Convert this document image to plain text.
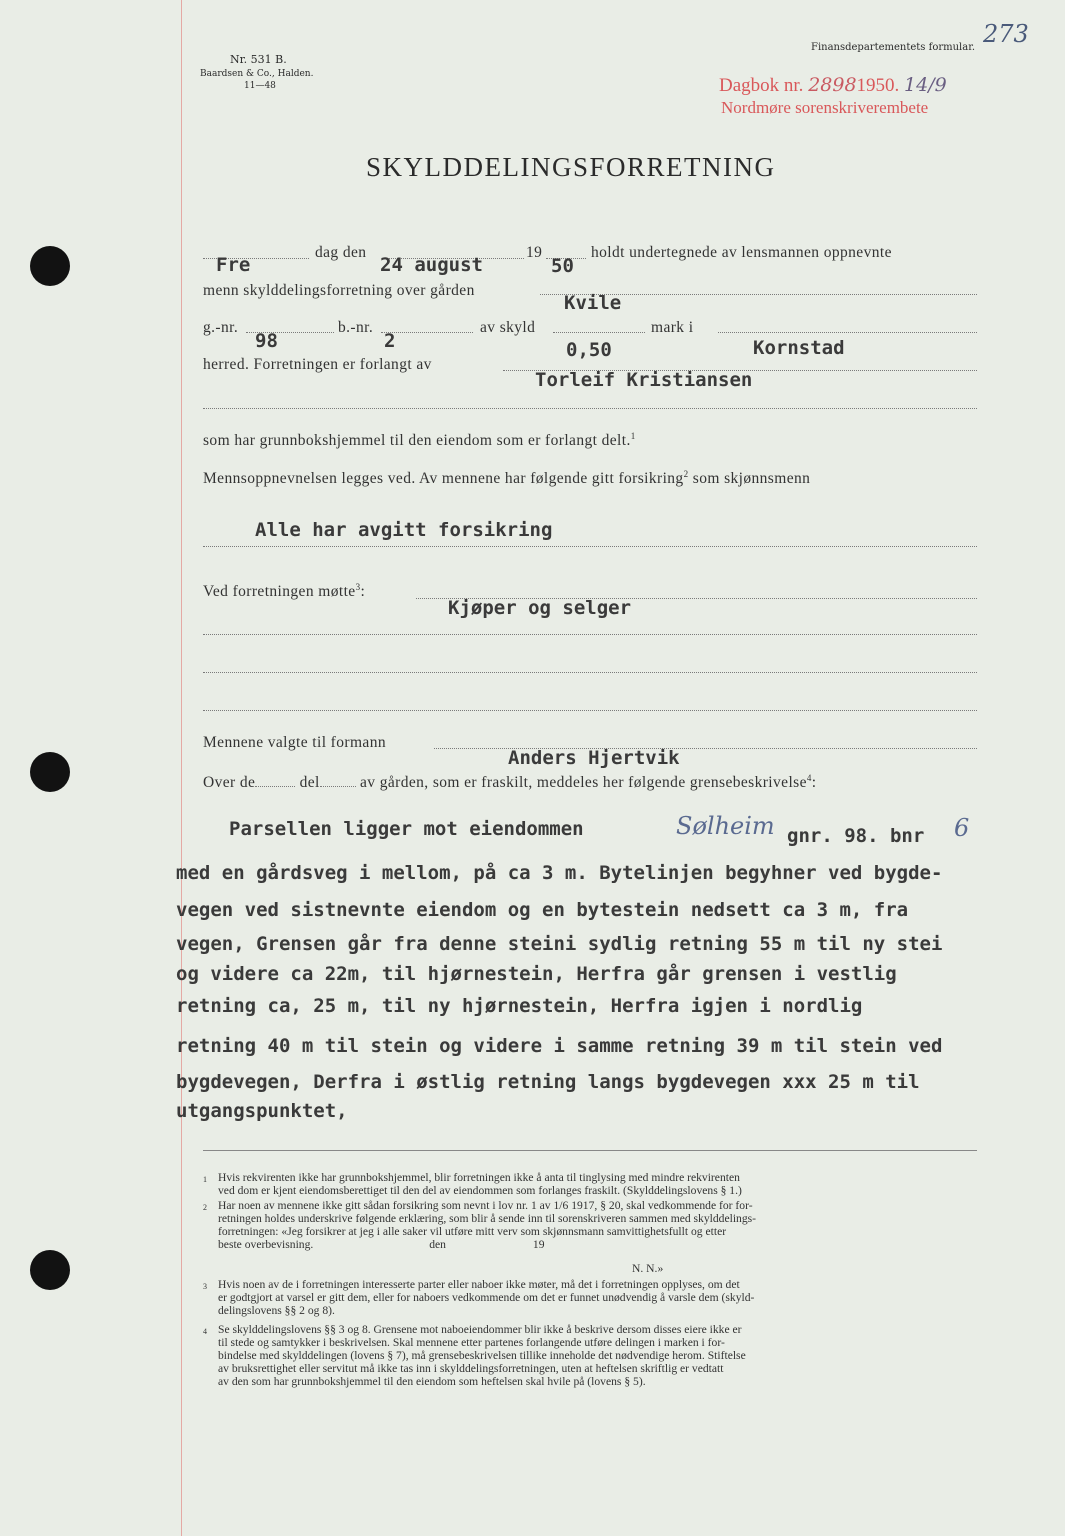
273
Nr. 531 B.
Baardsen & Co., Halden.
11—48
Finansdepartementets formular.
Dagbok nr. 28981950. 14/9
Nordmøre sorenskriverembete
SKYLDDELINGSFORRETNING
Fre
dag den
24 august
19
50
holdt undertegnede av lensmannen oppnevnte
menn skylddelingsforretning over gården
Kvile
g.-nr.
98
b.-nr.
2
av skyld
0,50
mark i
Kornstad
herred. Forretningen er forlangt av
Torleif Kristiansen
som har grunnbokshjemmel til den eiendom som er forlangt delt.$^1$
Mennsoppnevnelsen legges ved. Av mennene har følgende gitt forsikring$^2$ som skjønnsmenn
Alle har avgitt forsikring
Ved forretningen møtte$^3$:
Kjøper og selger
Mennene valgte til formann
Anders Hjertvik
Over de	del	av gården, som er fraskilt, meddeles her følgende grensebeskrivelse$^4$:
Parsellen ligger mot eiendommen	Sølheim gnr. 98. bnr 6
med en gårdsveg i mellom, på ca 3 m. Bytelinjen begyhner ved bygde-
vegen ved sistnevnte eiendom og en bytestein nedsett ca 3 m, fra
vegen, Grensen går fra denne steini sydlig retning 55 m til ny stei
og videre ca 22m, til hjørnestein, Herfra går grensen i vestlig
retning ca, 25 m, til ny hjørnestein, Herfra igjen i nordlig
retning 40 m til stein og videre i samme retning 39 m til stein ved
bygdevegen, Derfra i østlig retning langs bygdevegen xxx 25 m til
utgangspunktet,
1 Hvis rekvirenten ikke har grunnbokshjemmel, blir forretningen ikke å anta til tinglysing med mindre rekvirenten
ved dom er kjent eiendomsberettiget til den del av eiendommen som forlanges fraskilt. (Skylddelingslovens § 1.)
2 Har noen av mennene ikke gitt sådan forsikring som nevnt i lov nr. 1 av 1/6 1917, § 20, skal vedkommende for for-
retningen holdes underskrive følgende erklæring, som blir å sende inn til sorenskriveren sammen med skylddelings-
forretningen: «Jeg forsikrer at jeg i alle saker vil utføre mitt verv som skjønnsmann samvittighetsfullt og etter
beste overbevisning.                                        den                              19
N. N.»
3 Hvis noen av de i forretningen interesserte parter eller naboer ikke møter, må det i forretningen opplyses, om det
er godtgjort at varsel er gitt dem, eller for naboers vedkommende om det er funnet unødvendig å varsle dem (skyld-
delingslovens §§ 2 og 8).
4 Se skylddelingslovens §§ 3 og 8. Grensene mot naboeiendommer blir ikke å beskrive dersom disses eiere ikke er
til stede og samtykker i beskrivelsen. Skal mennene etter partenes forlangende utføre delingen i marken i for-
bindelse med skylddelingen (lovens § 7), må grensebeskrivelsen tillike inneholde det nødvendige herom. Stiftelse
av bruksrettighet eller servitut må ikke tas inn i skylddelingsforretningen, uten at heftelsen skriftlig er vedtatt
av den som har grunnbokshjemmel til den eiendom som heftelsen skal hvile på (lovens § 5).
